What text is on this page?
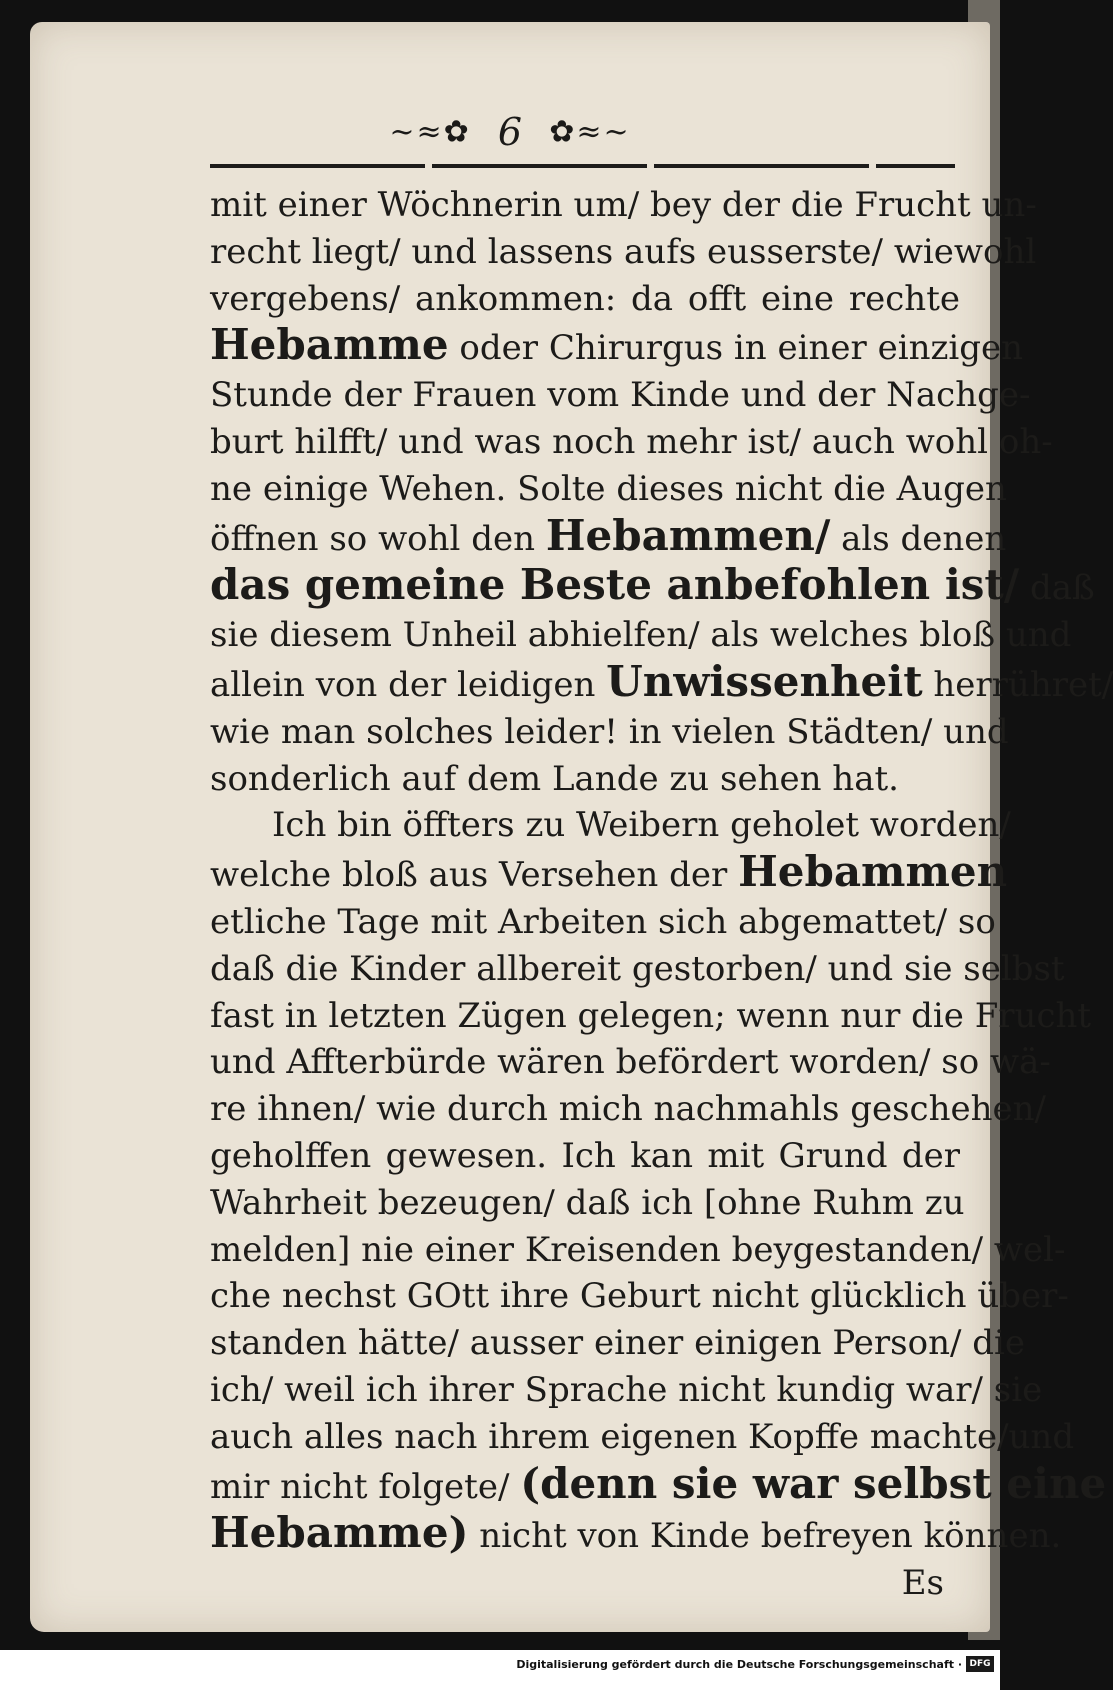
~≈✿ 6 ✿≈~
mit einer Wöchnerin um/ bey der die Frucht un-
recht liegt/ und lassens aufs eusserste/ wiewohl
vergebens/ ankommen: da offt eine rechte
Hebamme oder Chirurgus in einer einzigen
Stunde der Frauen vom Kinde und der Nachge-
burt hilfft/ und was noch mehr ist/ auch wohl oh-
ne einige Wehen. Solte dieses nicht die Augen
öffnen so wohl den Hebammen/ als denen
das gemeine Beste anbefohlen ist/ daß
sie diesem Unheil abhielfen/ als welches bloß und
allein von der leidigen Unwissenheit herrühret/
wie man solches leider! in vielen Städten/ und
sonderlich auf dem Lande zu sehen hat.
Ich bin öffters zu Weibern geholet worden/
welche bloß aus Versehen der Hebammen
etliche Tage mit Arbeiten sich abgemattet/ so
daß die Kinder allbereit gestorben/ und sie selbst
fast in letzten Zügen gelegen; wenn nur die Frucht
und Affterbürde wären befördert worden/ so wä-
re ihnen/ wie durch mich nachmahls geschehen/
geholffen gewesen. Ich kan mit Grund der
Wahrheit bezeugen/ daß ich [ohne Ruhm zu
melden] nie einer Kreisenden beygestanden/ wel-
che nechst GOtt ihre Geburt nicht glücklich über-
standen hätte/ ausser einer einigen Person/ die
ich/ weil ich ihrer Sprache nicht kundig war/ sie
auch alles nach ihrem eigenen Kopffe machte/und
mir nicht folgete/ (denn sie war selbst eine
Hebamme) nicht von Kinde befreyen können.
Es
Digitalisierung gefördert durch die Deutsche Forschungsgemeinschaft · DFG
